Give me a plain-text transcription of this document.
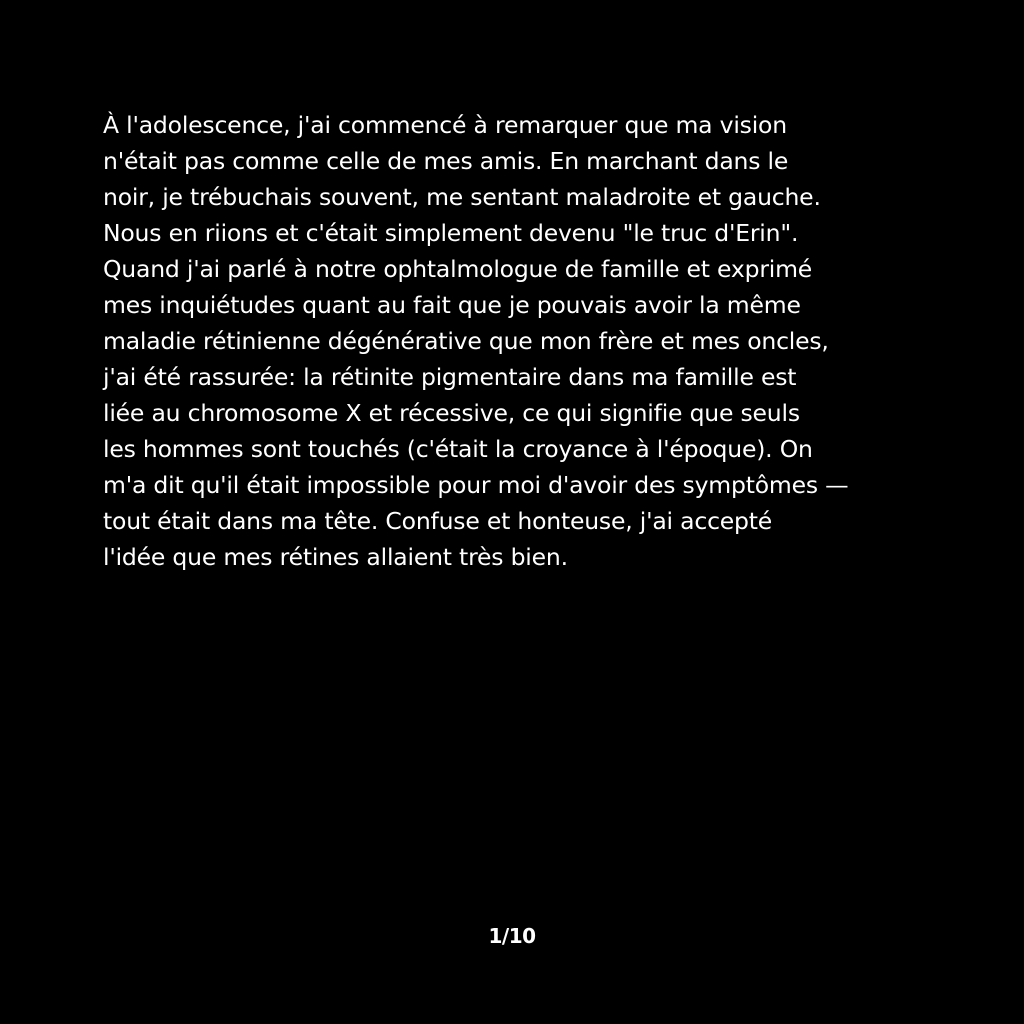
À l'adolescence, j'ai commencé à remarquer que ma vision
n'était pas comme celle de mes amis. En marchant dans le
noir, je trébuchais souvent, me sentant maladroite et gauche.
Nous en riions et c'était simplement devenu "le truc d'Erin".
Quand j'ai parlé à notre ophtalmologue de famille et exprimé
mes inquiétudes quant au fait que je pouvais avoir la même
maladie rétinienne dégénérative que mon frère et mes oncles,
j'ai été rassurée: la rétinite pigmentaire dans ma famille est
liée au chromosome X et récessive, ce qui signifie que seuls
les hommes sont touchés (c'était la croyance à l'époque). On
m'a dit qu'il était impossible pour moi d'avoir des symptômes —
tout était dans ma tête. Confuse et honteuse, j'ai accepté
l'idée que mes rétines allaient très bien.

1/10
